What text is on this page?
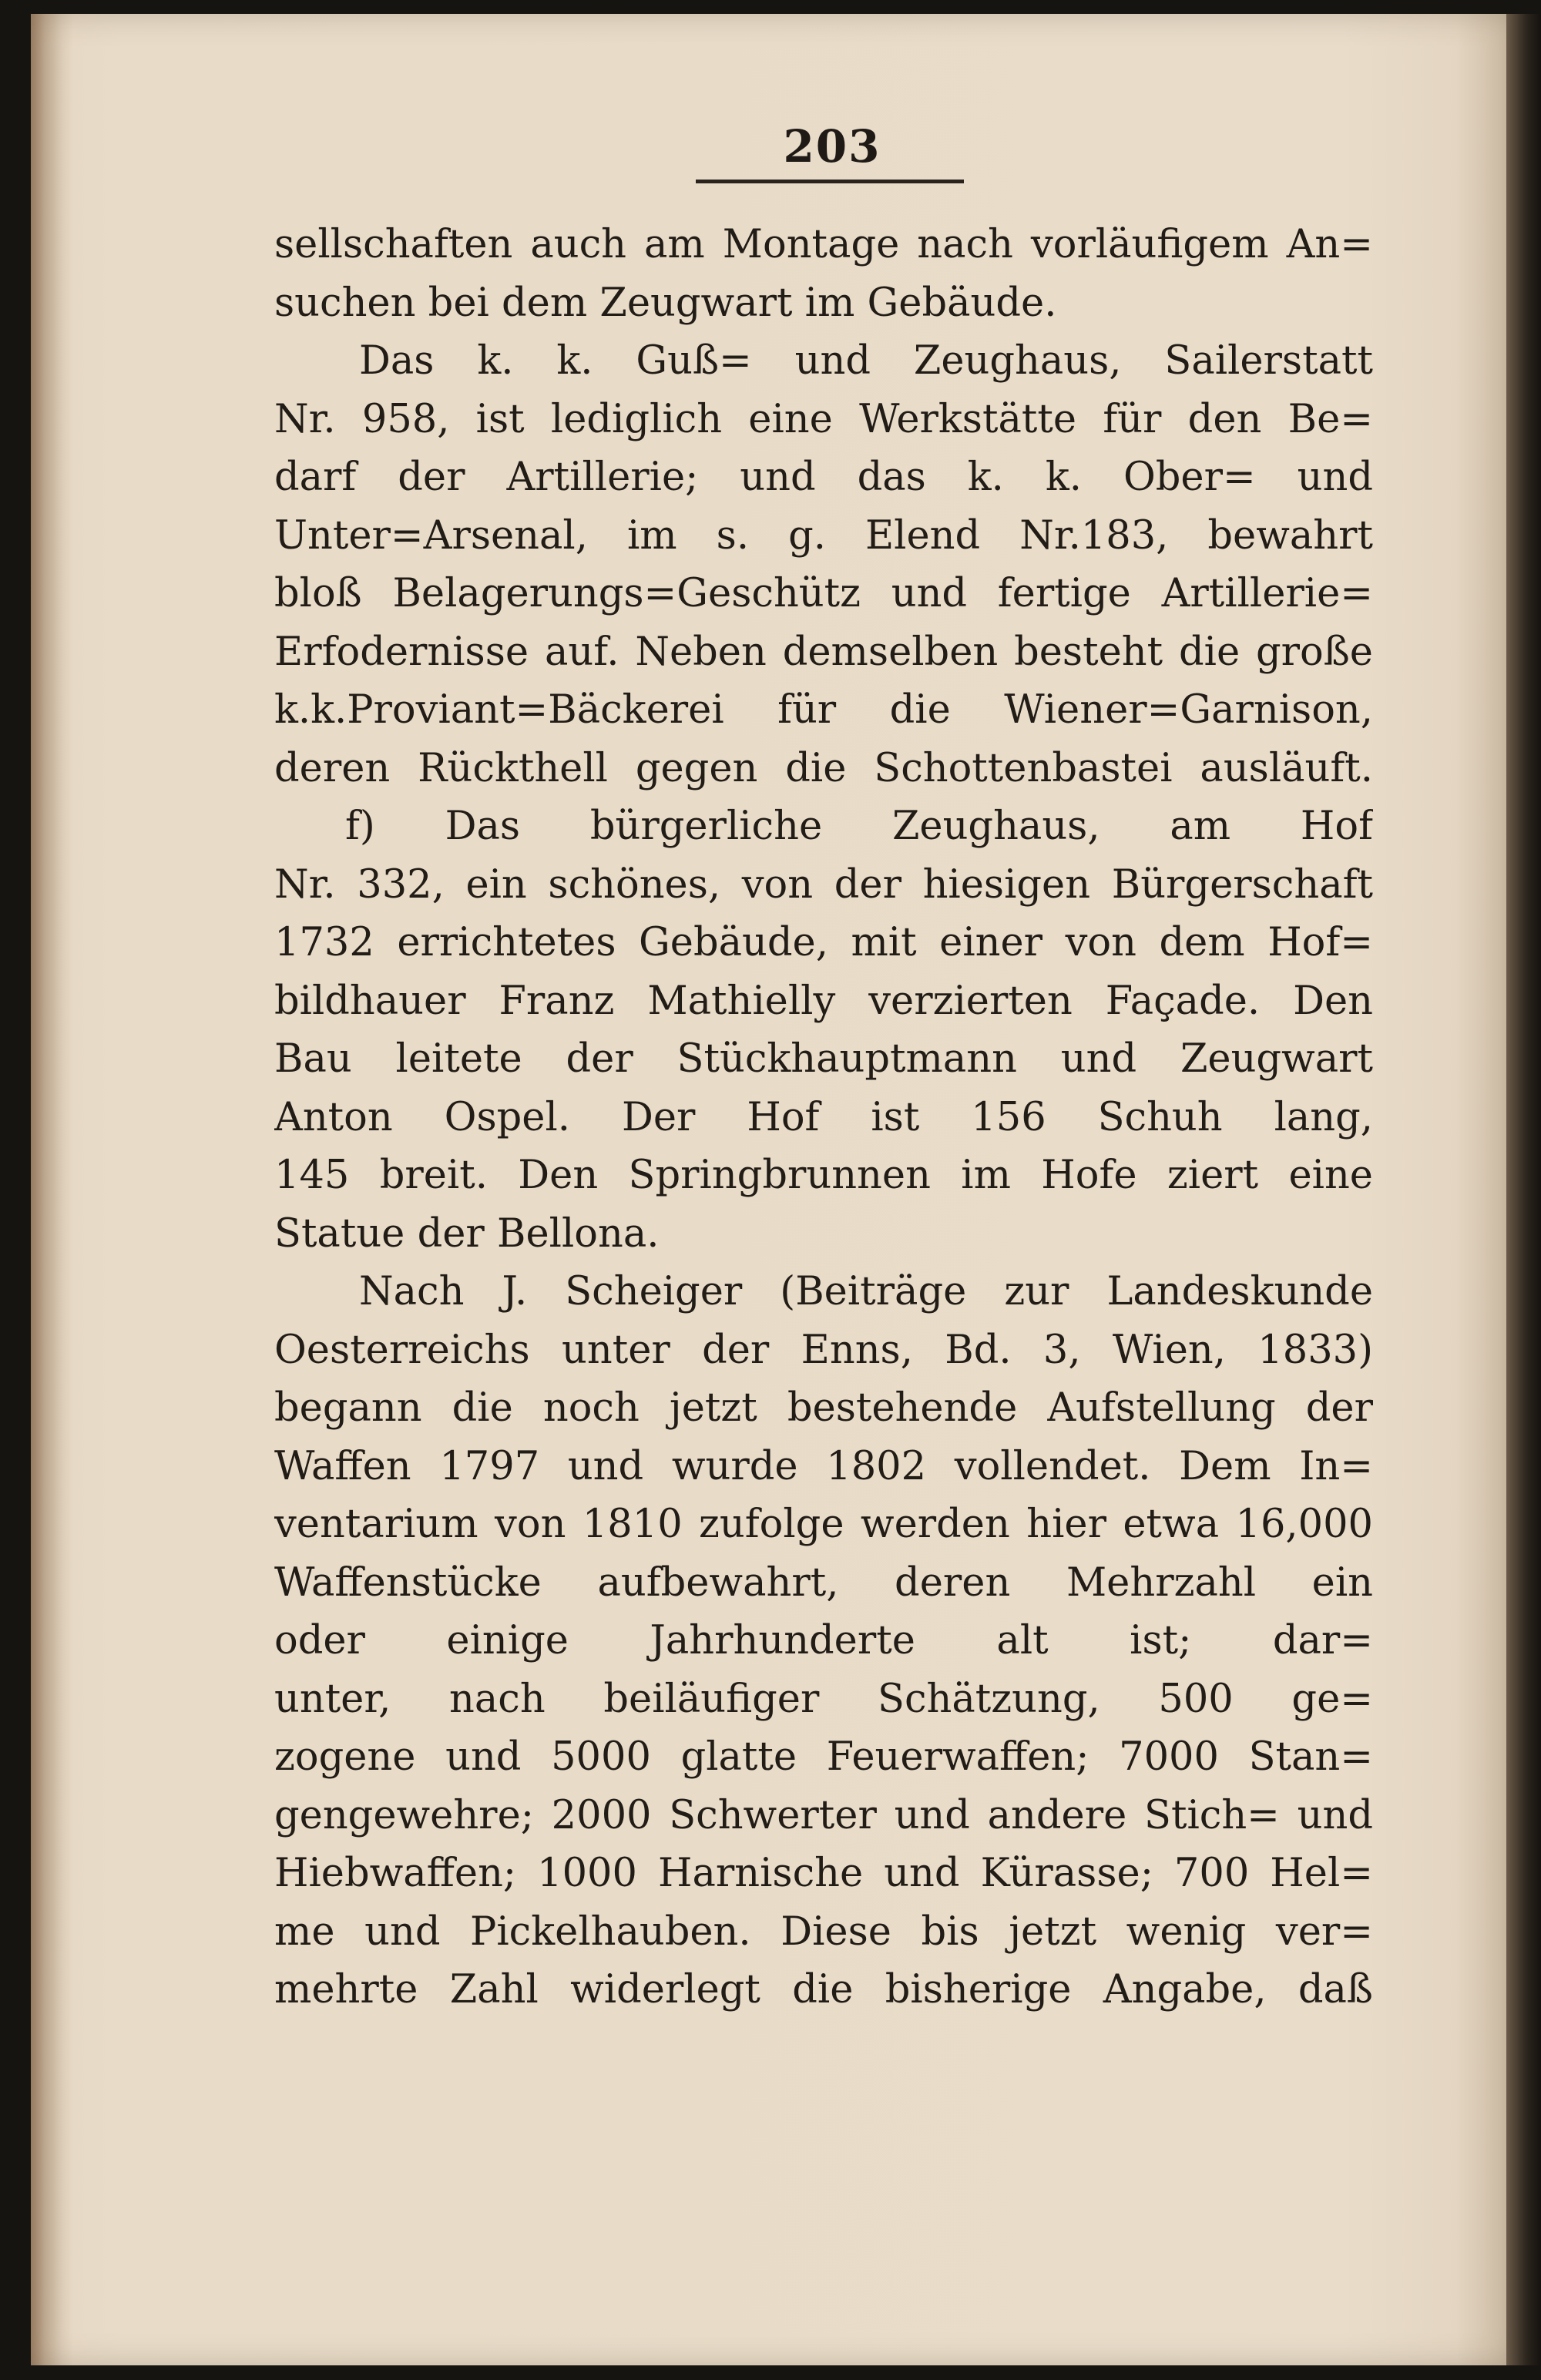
203
sellschaften auch am Montage nach vorläufigem An=
suchen bei dem Zeugwart im Gebäude.
Das k. k. Guß= und Zeughaus, Sailerstatt
Nr. 958, ist lediglich eine Werkstätte für den Be=
darf der Artillerie; und das k. k. Ober= und
Unter=Arsenal, im s. g. Elend Nr.183, bewahrt
bloß Belagerungs=Geschütz und fertige Artillerie=
Erfodernisse auf. Neben demselben besteht die große
k.k.Proviant=Bäckerei für die Wiener=Garnison,
deren Rückthell gegen die Schottenbastei ausläuft.
f) Das bürgerliche Zeughaus, am Hof
Nr. 332, ein schönes, von der hiesigen Bürgerschaft
1732 errichtetes Gebäude, mit einer von dem Hof=
bildhauer Franz Mathielly verzierten Façade. Den
Bau leitete der Stückhauptmann und Zeugwart
Anton Ospel. Der Hof ist 156 Schuh lang,
145 breit. Den Springbrunnen im Hofe ziert eine
Statue der Bellona.
Nach J. Scheiger (Beiträge zur Landeskunde
Oesterreichs unter der Enns, Bd. 3, Wien, 1833)
begann die noch jetzt bestehende Aufstellung der
Waffen 1797 und wurde 1802 vollendet. Dem In=
ventarium von 1810 zufolge werden hier etwa 16,000
Waffenstücke aufbewahrt, deren Mehrzahl ein
oder einige Jahrhunderte alt ist; dar=
unter, nach beiläufiger Schätzung, 500 ge=
zogene und 5000 glatte Feuerwaffen; 7000 Stan=
gengewehre; 2000 Schwerter und andere Stich= und
Hiebwaffen; 1000 Harnische und Kürasse; 700 Hel=
me und Pickelhauben. Diese bis jetzt wenig ver=
mehrte Zahl widerlegt die bisherige Angabe, daß
